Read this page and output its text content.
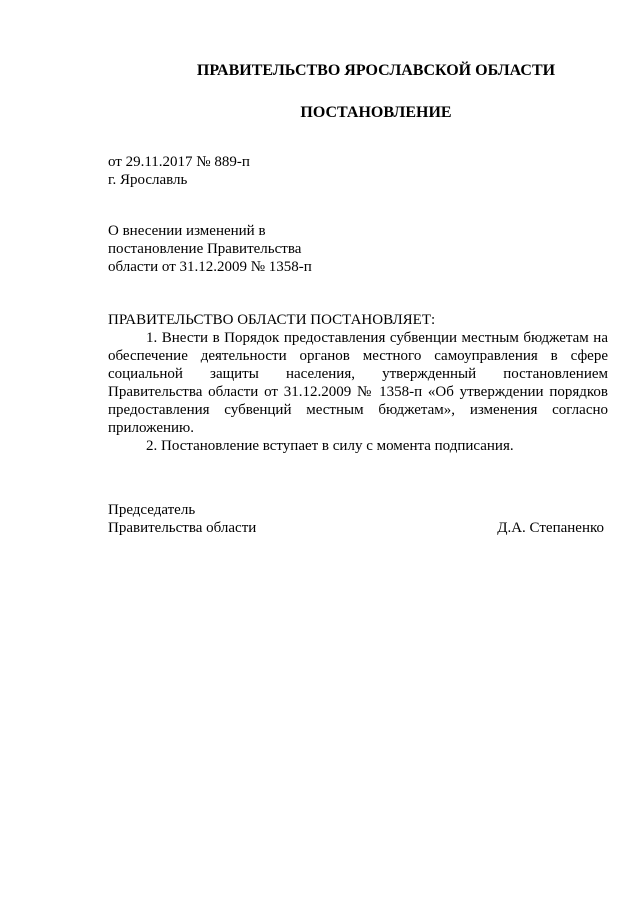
ПРАВИТЕЛЬСТВО ЯРОСЛАВСКОЙ ОБЛАСТИ
ПОСТАНОВЛЕНИЕ
от 29.11.2017 № 889-п
г. Ярославль
О внесении изменений в
постановление Правительства
области от 31.12.2009 № 1358-п

ПРАВИТЕЛЬСТВО ОБЛАСТИ ПОСТАНОВЛЯЕТ:

1. Внести в Порядок предоставления субвенции местным бюджетам на обеспечение деятельности органов местного самоуправления в сфере социальной защиты населения, утвержденный постановлением Правительства области от 31.12.2009 № 1358-п «Об утверждении порядков предоставления субвенций местным бюджетам», изменения согласно приложению.

2. Постановление вступает в силу с момента подписания.

Председатель
Правительства области	Д.А. Степаненко
